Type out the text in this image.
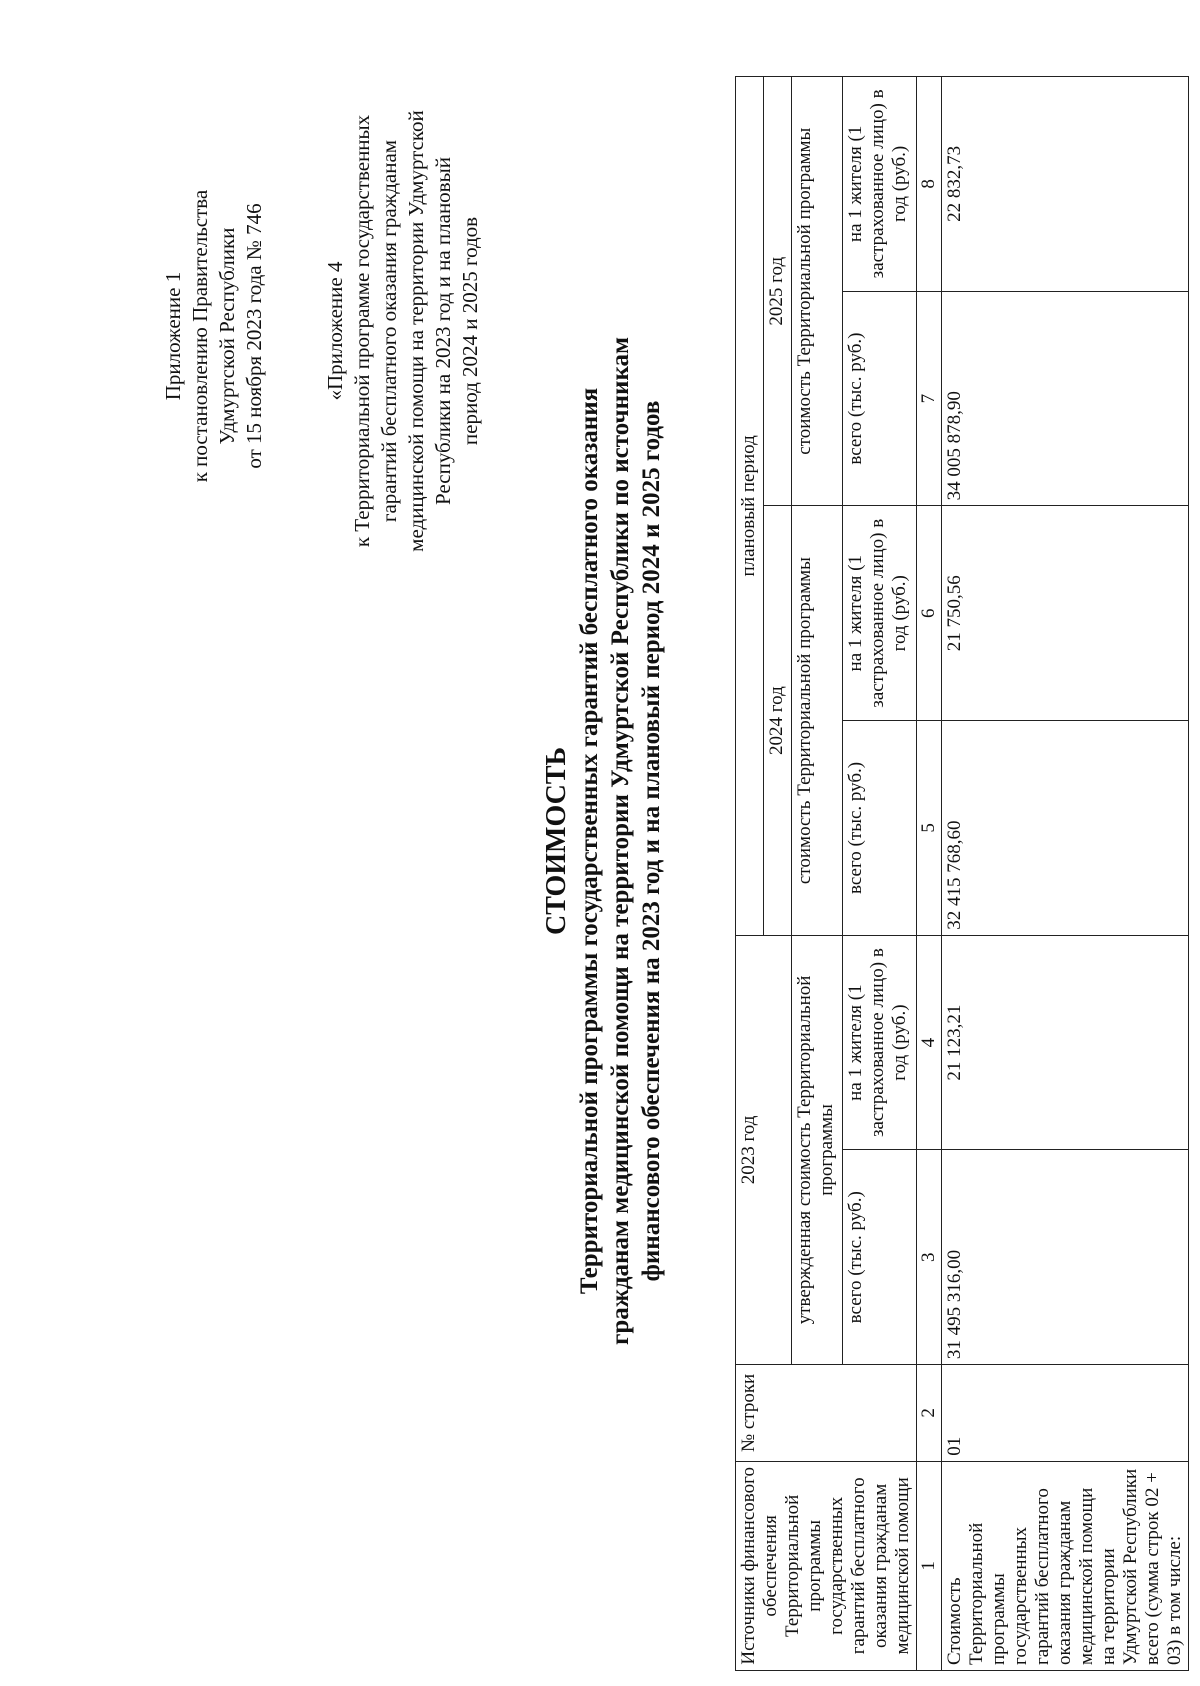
Приложение 1 к постановлению Правительства Удмуртской Республики от 15 ноября 2023 года № 746	«Приложение 4 к Территориальной программе государственных гарантий бесплатного оказания гражданам медицинской помощи на территории Удмуртской Республики на 2023 год и на плановый период 2024 и 2025 годов
СТОИМОСТЬ Территориальной программы государственных гарантий бесплатного оказания гражданам медицинской помощи на территории Удмуртской Республики по источникам финансового обеспечения на 2023 год и на плановый период 2024 и 2025 годов
Источники финансового обеспечения Территориальной программы государственных гарантий бесплатного оказания гражданам медицинской помощи	№ строки	2023 год		плановый период			
				2024 год		2025 год	
		утвержденная стоимость Территориальной программы		стоимость Территориальной программы		стоимость Территориальной программы	
		всего (тыс. руб.)	на 1 жителя (1 застрахованное лицо) в год (руб.)	всего (тыс. руб.)	на 1 жителя (1 застрахованное лицо) в год (руб.)	всего (тыс. руб.)	на 1 жителя (1 застрахованное лицо) в год (руб.)
1	2	3	4	5	6	7	8
Стоимость Территориальной программы государственных гарантий бесплатного оказания гражданам медицинской помощи на территории Удмуртской Республики всего (сумма строк 02 + 03) в том числе:	01	31 495 316,00	21 123,21	32 415 768,60	21 750,56	34 005 878,90	22 832,73
